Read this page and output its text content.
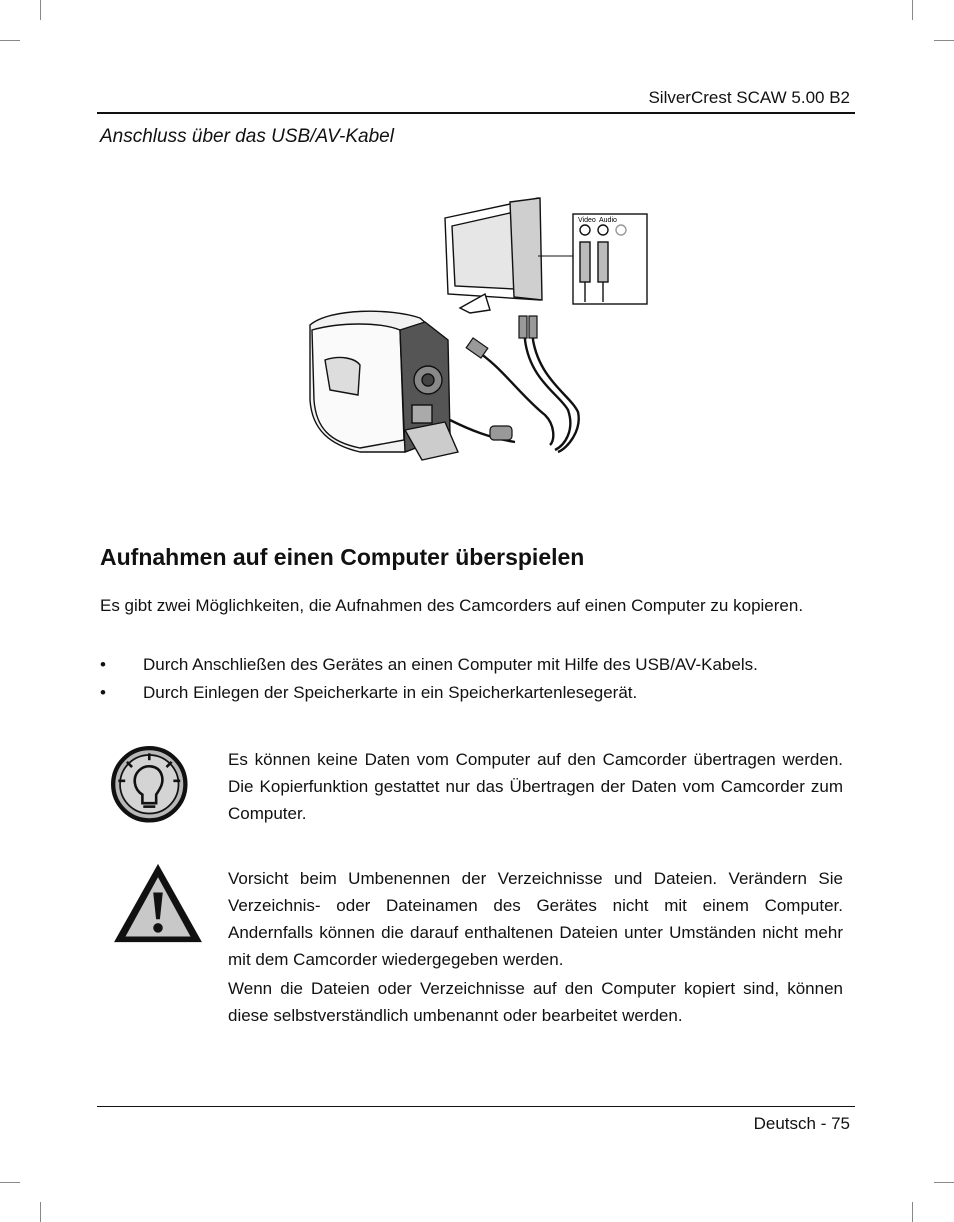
SilverCrest SCAW 5.00 B2
Anschluss über das USB/AV-Kabel
Video Audio
Aufnahmen auf einen Computer überspielen

Es gibt zwei Möglichkeiten, die Aufnahmen des Camcorders auf einen Computer zu kopieren.

• Durch Anschließen des Gerätes an einen Computer mit Hilfe des USB/AV-Kabels.
• Durch Einlegen der Speicherkarte in ein Speicherkartenlesegerät.

Es können keine Daten vom Computer auf den Camcorder übertragen werden. Die Kopierfunktion gestattet nur das Übertragen der Daten vom Camcorder zum Computer.

Vorsicht beim Umbenennen der Verzeichnisse und Dateien. Verändern Sie Verzeichnis- oder Dateinamen des Gerätes nicht mit einem Computer. Andernfalls können die darauf enthaltenen Dateien unter Umständen nicht mehr mit dem Camcorder wiedergegeben werden.

Wenn die Dateien oder Verzeichnisse auf den Computer kopiert sind, können diese selbstverständlich umbenannt oder bearbeitet werden.

Deutsch - 75
